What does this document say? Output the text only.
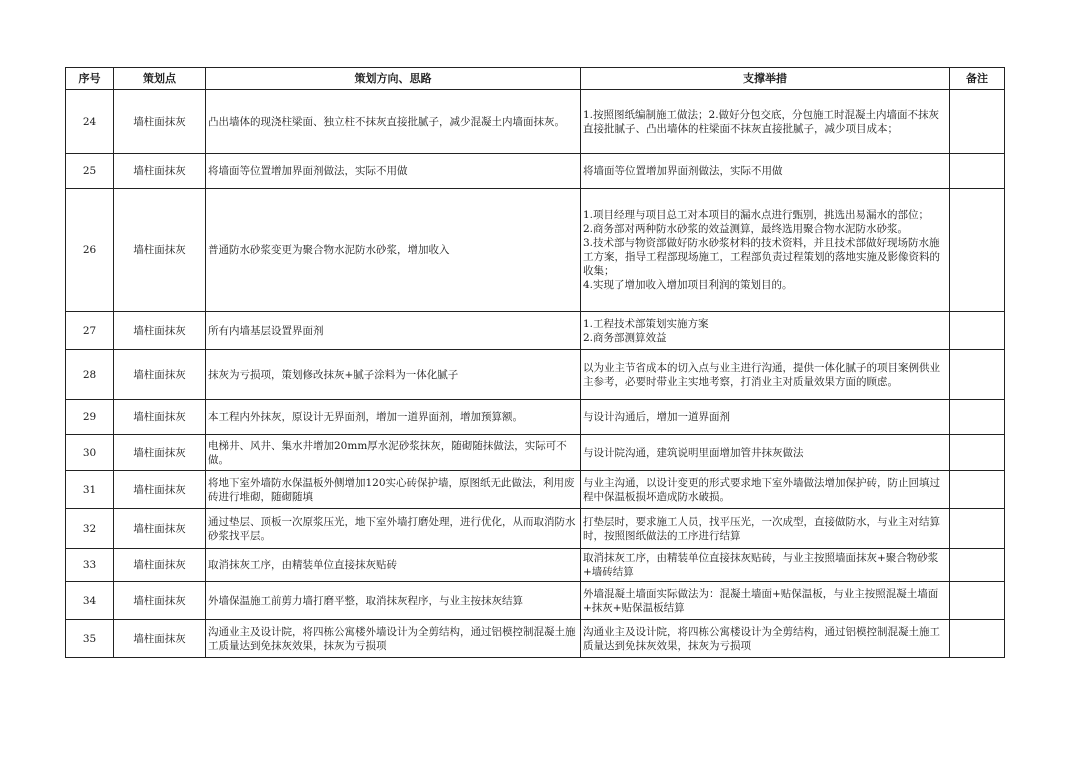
序号	策划点	策划方向、思路	支撑举措	备注
24	墙柱面抹灰	凸出墙体的现浇柱梁面、独立柱不抹灰直接批腻子，减少混凝土内墙面抹灰。	1.按照图纸编制施工做法；2.做好分包交底，分包施工时混凝土内墙面不抹灰直接批腻子、凸出墙体的柱梁面不抹灰直接批腻子，减少项目成本；	
25	墙柱面抹灰	将墙面等位置增加界面剂做法，实际不用做	将墙面等位置增加界面剂做法，实际不用做	
26	墙柱面抹灰	普通防水砂浆变更为聚合物水泥防水砂浆，增加收入	1.项目经理与项目总工对本项目的漏水点进行甄别，挑选出易漏水的部位；
2.商务部对两种防水砂浆的效益测算，最终选用聚合物水泥防水砂浆。
3.技术部与物资部做好防水砂浆材料的技术资料，并且技术部做好现场防水施工方案，指导工程部现场施工，工程部负责过程策划的落地实施及影像资料的收集；
4.实现了增加收入增加项目利润的策划目的。	
27	墙柱面抹灰	所有内墙基层设置界面剂	1.工程技术部策划实施方案
2.商务部测算效益	
28	墙柱面抹灰	抹灰为亏损项，策划修改抹灰+腻子涂料为一体化腻子	以为业主节省成本的切入点与业主进行沟通，提供一体化腻子的项目案例供业主参考，必要时带业主实地考察，打消业主对质量效果方面的顾虑。	
29	墙柱面抹灰	本工程内外抹灰，原设计无界面剂，增加一道界面剂，增加预算额。	与设计沟通后，增加一道界面剂	
30	墙柱面抹灰	电梯井、风井、集水井增加20mm厚水泥砂浆抹灰，随砌随抹做法，实际可不做。	与设计院沟通，建筑说明里面增加管井抹灰做法	
31	墙柱面抹灰	将地下室外墙防水保温板外侧增加120实心砖保护墙，原图纸无此做法，利用废砖进行堆砌，随砌随填	与业主沟通，以设计变更的形式要求地下室外墙做法增加保护砖，防止回填过程中保温板损坏造成防水破损。	
32	墙柱面抹灰	通过垫层、顶板一次原浆压光，地下室外墙打磨处理，进行优化，从而取消防水砂浆找平层。	打垫层时，要求施工人员，找平压光，一次成型，直接做防水，与业主对结算时，按照图纸做法的工序进行结算	
33	墙柱面抹灰	取消抹灰工序，由精装单位直接抹灰贴砖	取消抹灰工序，由精装单位直接抹灰贴砖，与业主按照墙面抹灰+聚合物砂浆+墙砖结算	
34	墙柱面抹灰	外墙保温施工前剪力墙打磨平整，取消抹灰程序，与业主按抹灰结算	外墙混凝土墙面实际做法为：混凝土墙面+贴保温板，与业主按照混凝土墙面+抹灰+贴保温板结算	
35	墙柱面抹灰	沟通业主及设计院，将四栋公寓楼外墙设计为全剪结构，通过铝模控制混凝土施工质量达到免抹灰效果，抹灰为亏损项	沟通业主及设计院，将四栋公寓楼设计为全剪结构，通过铝模控制混凝土施工质量达到免抹灰效果，抹灰为亏损项	
